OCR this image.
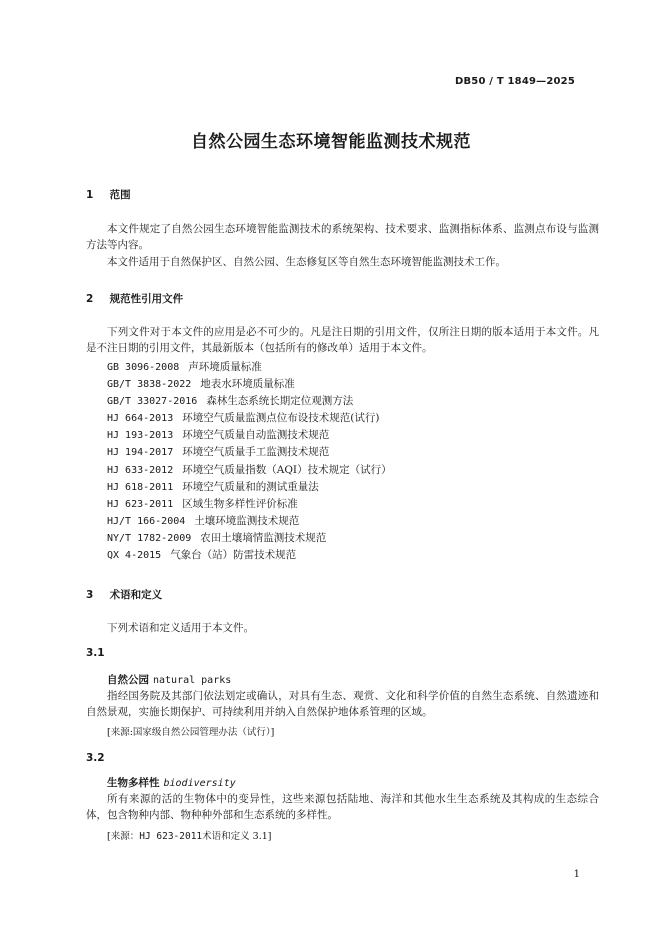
DB50 / T 1849—2025
自然公园生态环境智能监测技术规范
1 范围

本文件规定了自然公园生态环境智能监测技术的系统架构、技术要求、监测指标体系、监测点布设与监测方法等内容。

本文件适用于自然保护区、自然公园、生态修复区等自然生态环境智能监测技术工作。

2 规范性引用文件

下列文件对于本文件的应用是必不可少的。凡是注日期的引用文件，仅所注日期的版本适用于本文件。凡是不注日期的引用文件，其最新版本（包括所有的修改单）适用于本文件。

GB 3096-2008 声环境质量标准
GB/T 3838-2022 地表水环境质量标准
GB/T 33027-2016 森林生态系统长期定位观测方法
HJ 664-2013 环境空气质量监测点位布设技术规范(试行)
HJ 193-2013 环境空气质量自动监测技术规范
HJ 194-2017 环境空气质量手工监测技术规范
HJ 633-2012 环境空气质量指数（AQI）技术规定（试行）
HJ 618-2011 环境空气质量和的测试重量法
HJ 623-2011 区域生物多样性评价标准
HJ/T 166-2004 土壤环境监测技术规范
NY/T 1782-2009 农田土壤墒情监测技术规范
QX 4-2015 气象台（站）防雷技术规范
3 术语和定义

下列术语和定义适用于本文件。

3.1
自然公园 natural parks

指经国务院及其部门依法划定或确认，对具有生态、观赏、文化和科学价值的自然生态系统、自然遗迹和自然景观，实施长期保护、可持续利用并纳入自然保护地体系管理的区域。

[来源:国家级自然公园管理办法（试行）]
3.2
生物多样性 biodiversity

所有来源的活的生物体中的变异性，这些来源包括陆地、海洋和其他水生生态系统及其构成的生态综合体，包含物种内部、物种种外部和生态系统的多样性。

[来源：HJ 623-2011术语和定义 3.1]
1
